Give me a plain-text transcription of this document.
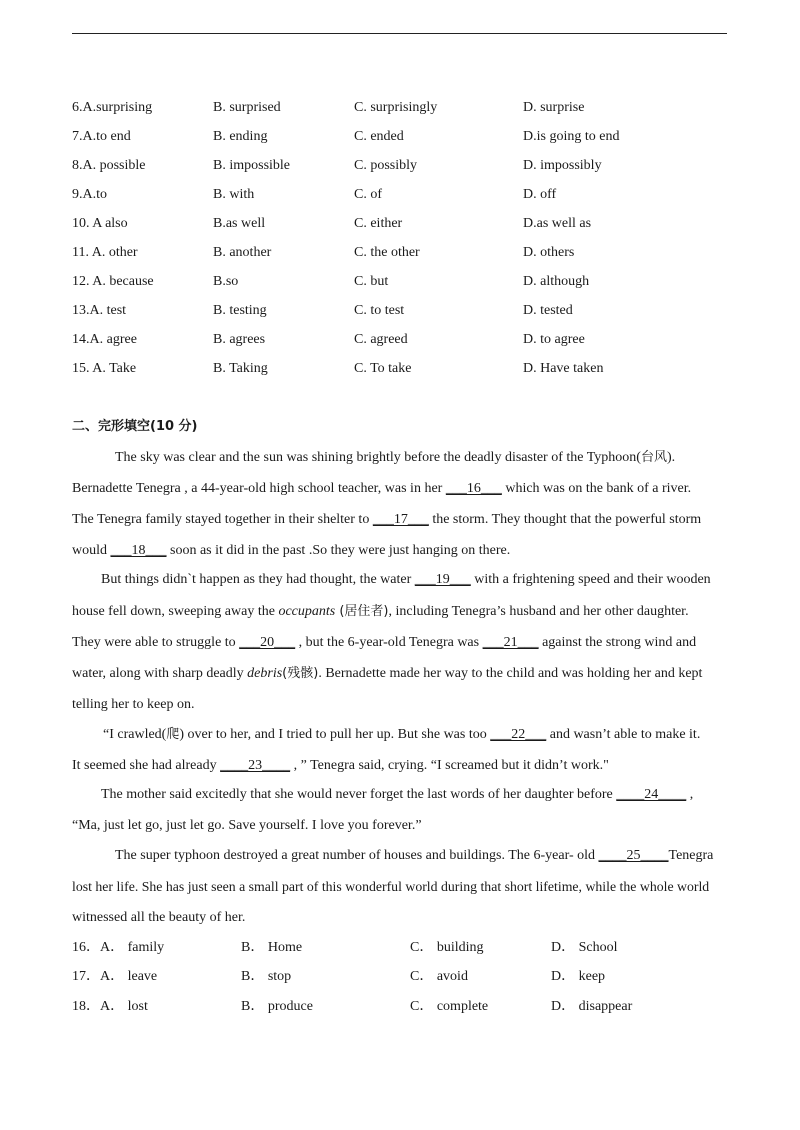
6.A.surprising	B. surprised	C. surprisingly	D. surprise
7.A.to end	B. ending	C. ended	D.is going to end
8.A. possible	B. impossible	C. possibly	D. impossibly
9.A.to	B. with	C. of	D. off
10. A also	B.as well	C. either	D.as well as
11. A. other	B. another	C. the other	D. others
12. A. because	B.so	C. but	D. although
13.A. test	B. testing	C. to test	D. tested
14.A. agree	B. agrees	C. agreed	D. to agree
15. A. Take	B. Taking	C. To take	D. Have taken
二、完形填空(10 分)
The sky was clear and the sun was shining brightly before the deadly disaster of the Typhoon(台风).
Bernadette Tenegra , a 44-year-old high school teacher, was in her ___16___ which was on the bank of a river.
The Tenegra family stayed together in their shelter to ___17___ the storm. They thought that the powerful storm
would ___18___ soon as it did in the past .So they were just hanging on there.
But things didn`t happen as they had thought, the water ___19___ with a frightening speed and their wooden
house fell down, sweeping away the occupants (居住者), including Tenegra’s husband and her other daughter.
They were able to struggle to ___20___ , but the 6-year-old Tenegra was ___21___ against the strong wind and
water, along with sharp deadly debris(残骸). Bernadette made her way to the child and was holding her and kept
telling her to keep on.
“I crawled(爬) over to her, and I tried to pull her up. But she was too ___22___ and wasn’t able to make it.
It seemed she had already ____23____ , ” Tenegra said, crying. “I screamed but it didn’t work."
The mother said excitedly that she would never forget the last words of her daughter before ____24____ ,
“Ma, just let go, just let go. Save yourself. I love you forever.”
The super typhoon destroyed a great number of houses and buildings. The 6-year- old ____25____Tenegra
lost her life. She has just seen a small part of this wonderful world during that short lifetime, while the whole world
witnessed all the beauty of her.
16．A． family	B． Home	C． building	D． School
17．A． leave	B． stop	C． avoid	D． keep
18．A． lost	B． produce	C． complete	D． disappear
